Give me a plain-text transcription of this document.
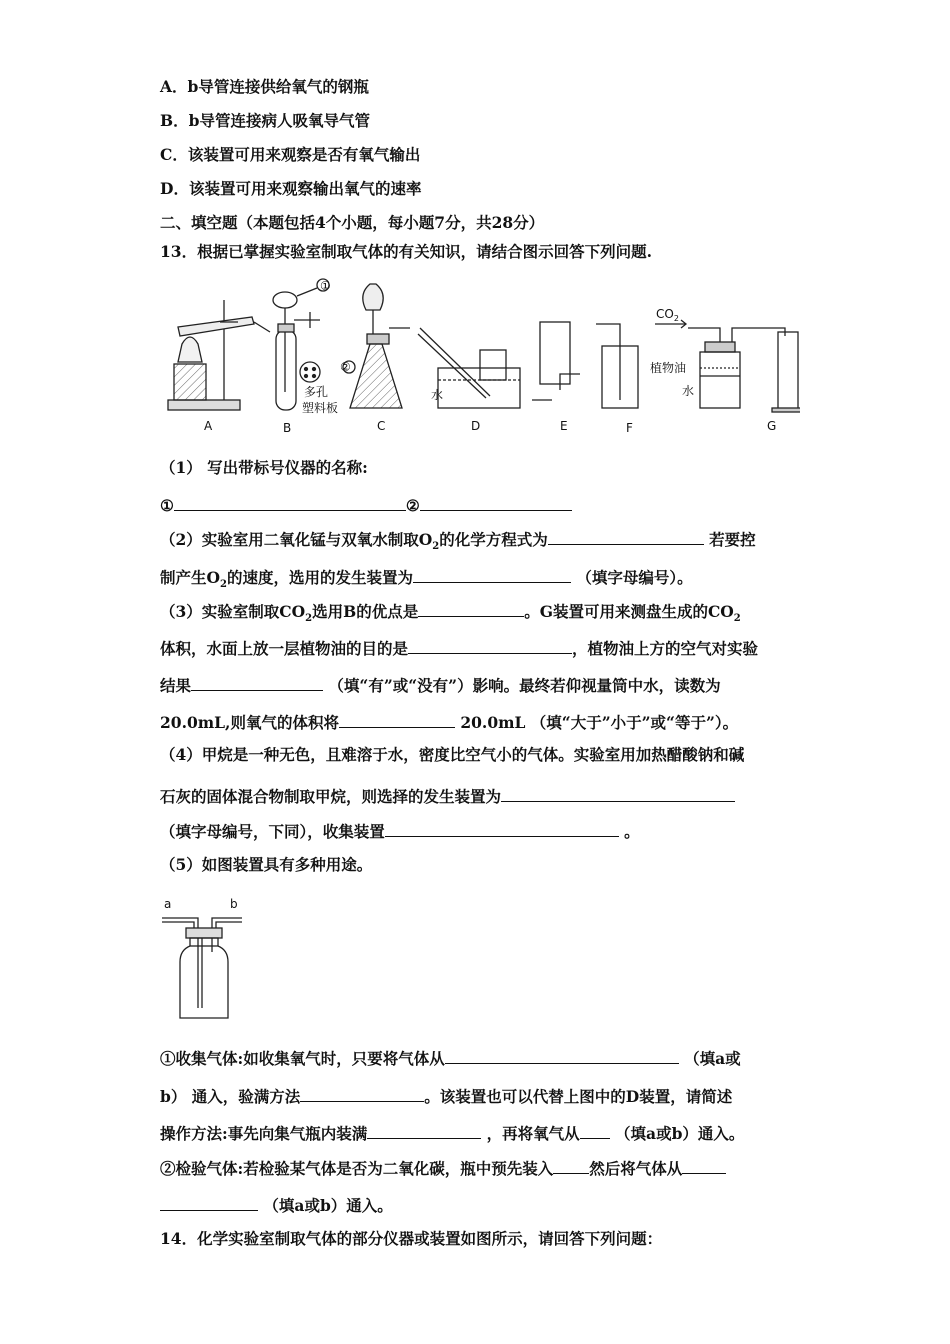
A．b导管连接供给氧气的钢瓶
B．b导管连接病人吸氧导气管
C．该装置可用来观察是否有氧气输出
D．该装置可用来观察输出氧气的速率
二、填空题（本题包括4个小题，每小题7分，共28分）
13．根据已掌握实验室制取气体的有关知识，请结合图示回答下列问题.
①
②
多孔
塑料板
水
$CO_2$
植物油
水
A	B	C	D	E	F	G
（1） 写出带标号仪器的名称:
①	②
（2）实验室用二氧化锰与双氧水制取$O_2$的化学方程式为	若要控
制产生$O_2$的速度，选用的发生装置为	（填字母编号）。
（3）实验室制取$CO_2$选用B的优点是	。G装置可用来测盘生成的$CO_2$
体积，水面上放一层植物油的目的是	，植物油上方的空气对实验
结果	（填“有”或“没有”）影响。最终若仰视量筒中水，读数为
20.0mL,则氧气的体积将	20.0mL （填“大于”小于”或“等于”）。
（4）甲烷是一种无色，且难溶于水，密度比空气小的气体。实验室用加热醋酸钠和碱
石灰的固体混合物制取甲烷，则选择的发生装置为
（填字母编号，下同），收集装置	。
（5）如图装置具有多种用途。
a	b
①收集气体:如收集氧气时，只要将气体从	（填a或
b） 通入，验满方法	。该装置也可以代替上图中的D装置，请简述
操作方法:事先向集气瓶内装满	，再将氧气从 （填a或b）通入。
②检验气体:若检验某气体是否为二氧化碳，瓶中预先装入 然后将气体从
（填a或b）通入。
14．化学实验室制取气体的部分仪器或装置如图所示，请回答下列问题：
